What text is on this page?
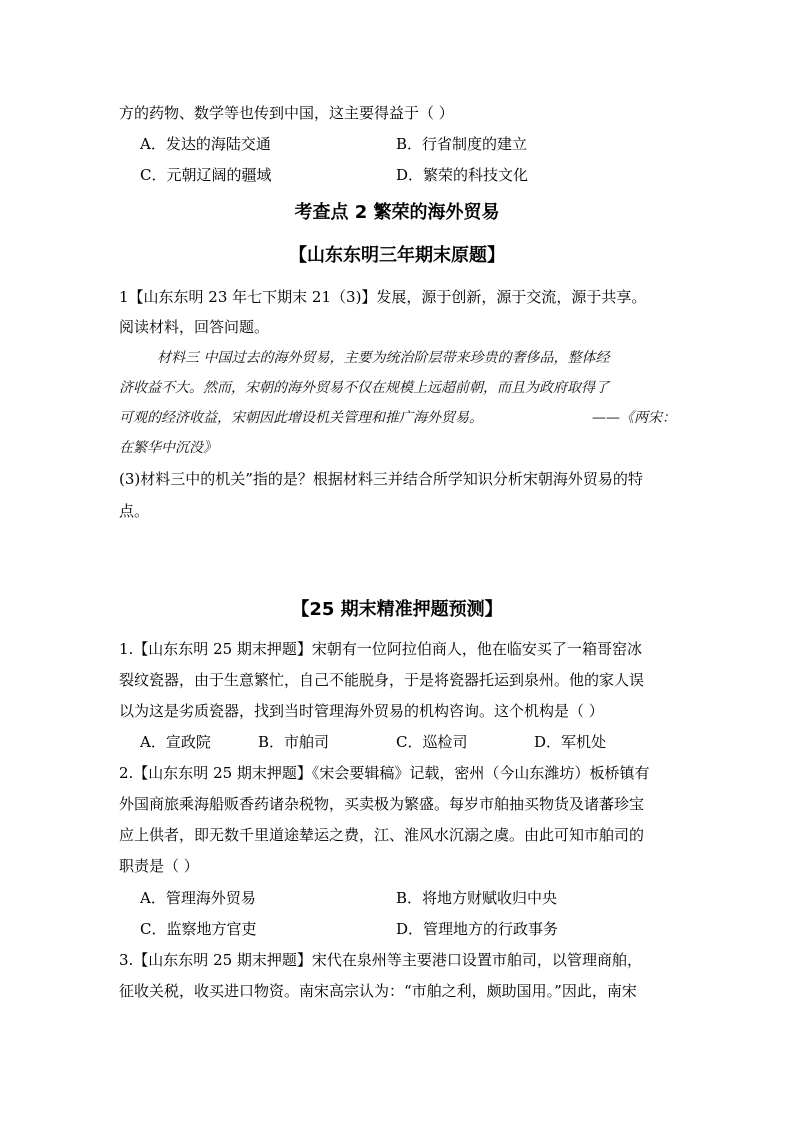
方的药物、数学等也传到中国，这主要得益于（ ）
A．发达的海陆交通	B．行省制度的建立
C．元朝辽阔的疆域	D．繁荣的科技文化
考查点 2 繁荣的海外贸易
【山东东明三年期末原题】
1【山东东明 23 年七下期末 21（3)】发展，源于创新，源于交流，源于共享。
阅读材料，回答问题。
材料三 中国过去的海外贸易，主要为统治阶层带来珍贵的奢侈品，整体经
济收益不大。然而，宋朝的海外贸易不仅在规模上远超前朝，而且为政府取得了
可观的经济收益，宋朝因此增设机关管理和推广海外贸易。	——《两宋：
在繁华中沉没》
(3)材料三中的机关”指的是？根据材料三并结合所学知识分析宋朝海外贸易的特
点。
【25 期末精准押题预测】
1.【山东东明 25 期末押题】宋朝有一位阿拉伯商人，他在临安买了一箱哥窑冰
裂纹瓷器，由于生意繁忙，自己不能脱身，于是将瓷器托运到泉州。他的家人误
以为这是劣质瓷器，找到当时管理海外贸易的机构咨询。这个机构是（ ）
A．宣政院	B．市舶司	C．巡检司	D．军机处
2.【山东东明 25 期末押题】《宋会要辑稿》记载，密州（今山东潍坊）板桥镇有
外国商旅乘海船贩香药诸杂税物，买卖极为繁盛。每岁市舶抽买物货及诸蕃珍宝
应上供者，即无数千里道途辇运之费，江、淮风水沉溺之虞。由此可知市舶司的
职责是（ ）
A．管理海外贸易	B．将地方财赋收归中央
C．监察地方官吏	D．管理地方的行政事务
3.【山东东明 25 期末押题】宋代在泉州等主要港口设置市舶司，以管理商舶，
征收关税，收买进口物资。南宋高宗认为：“市舶之利，颇助国用。”因此，南宋
